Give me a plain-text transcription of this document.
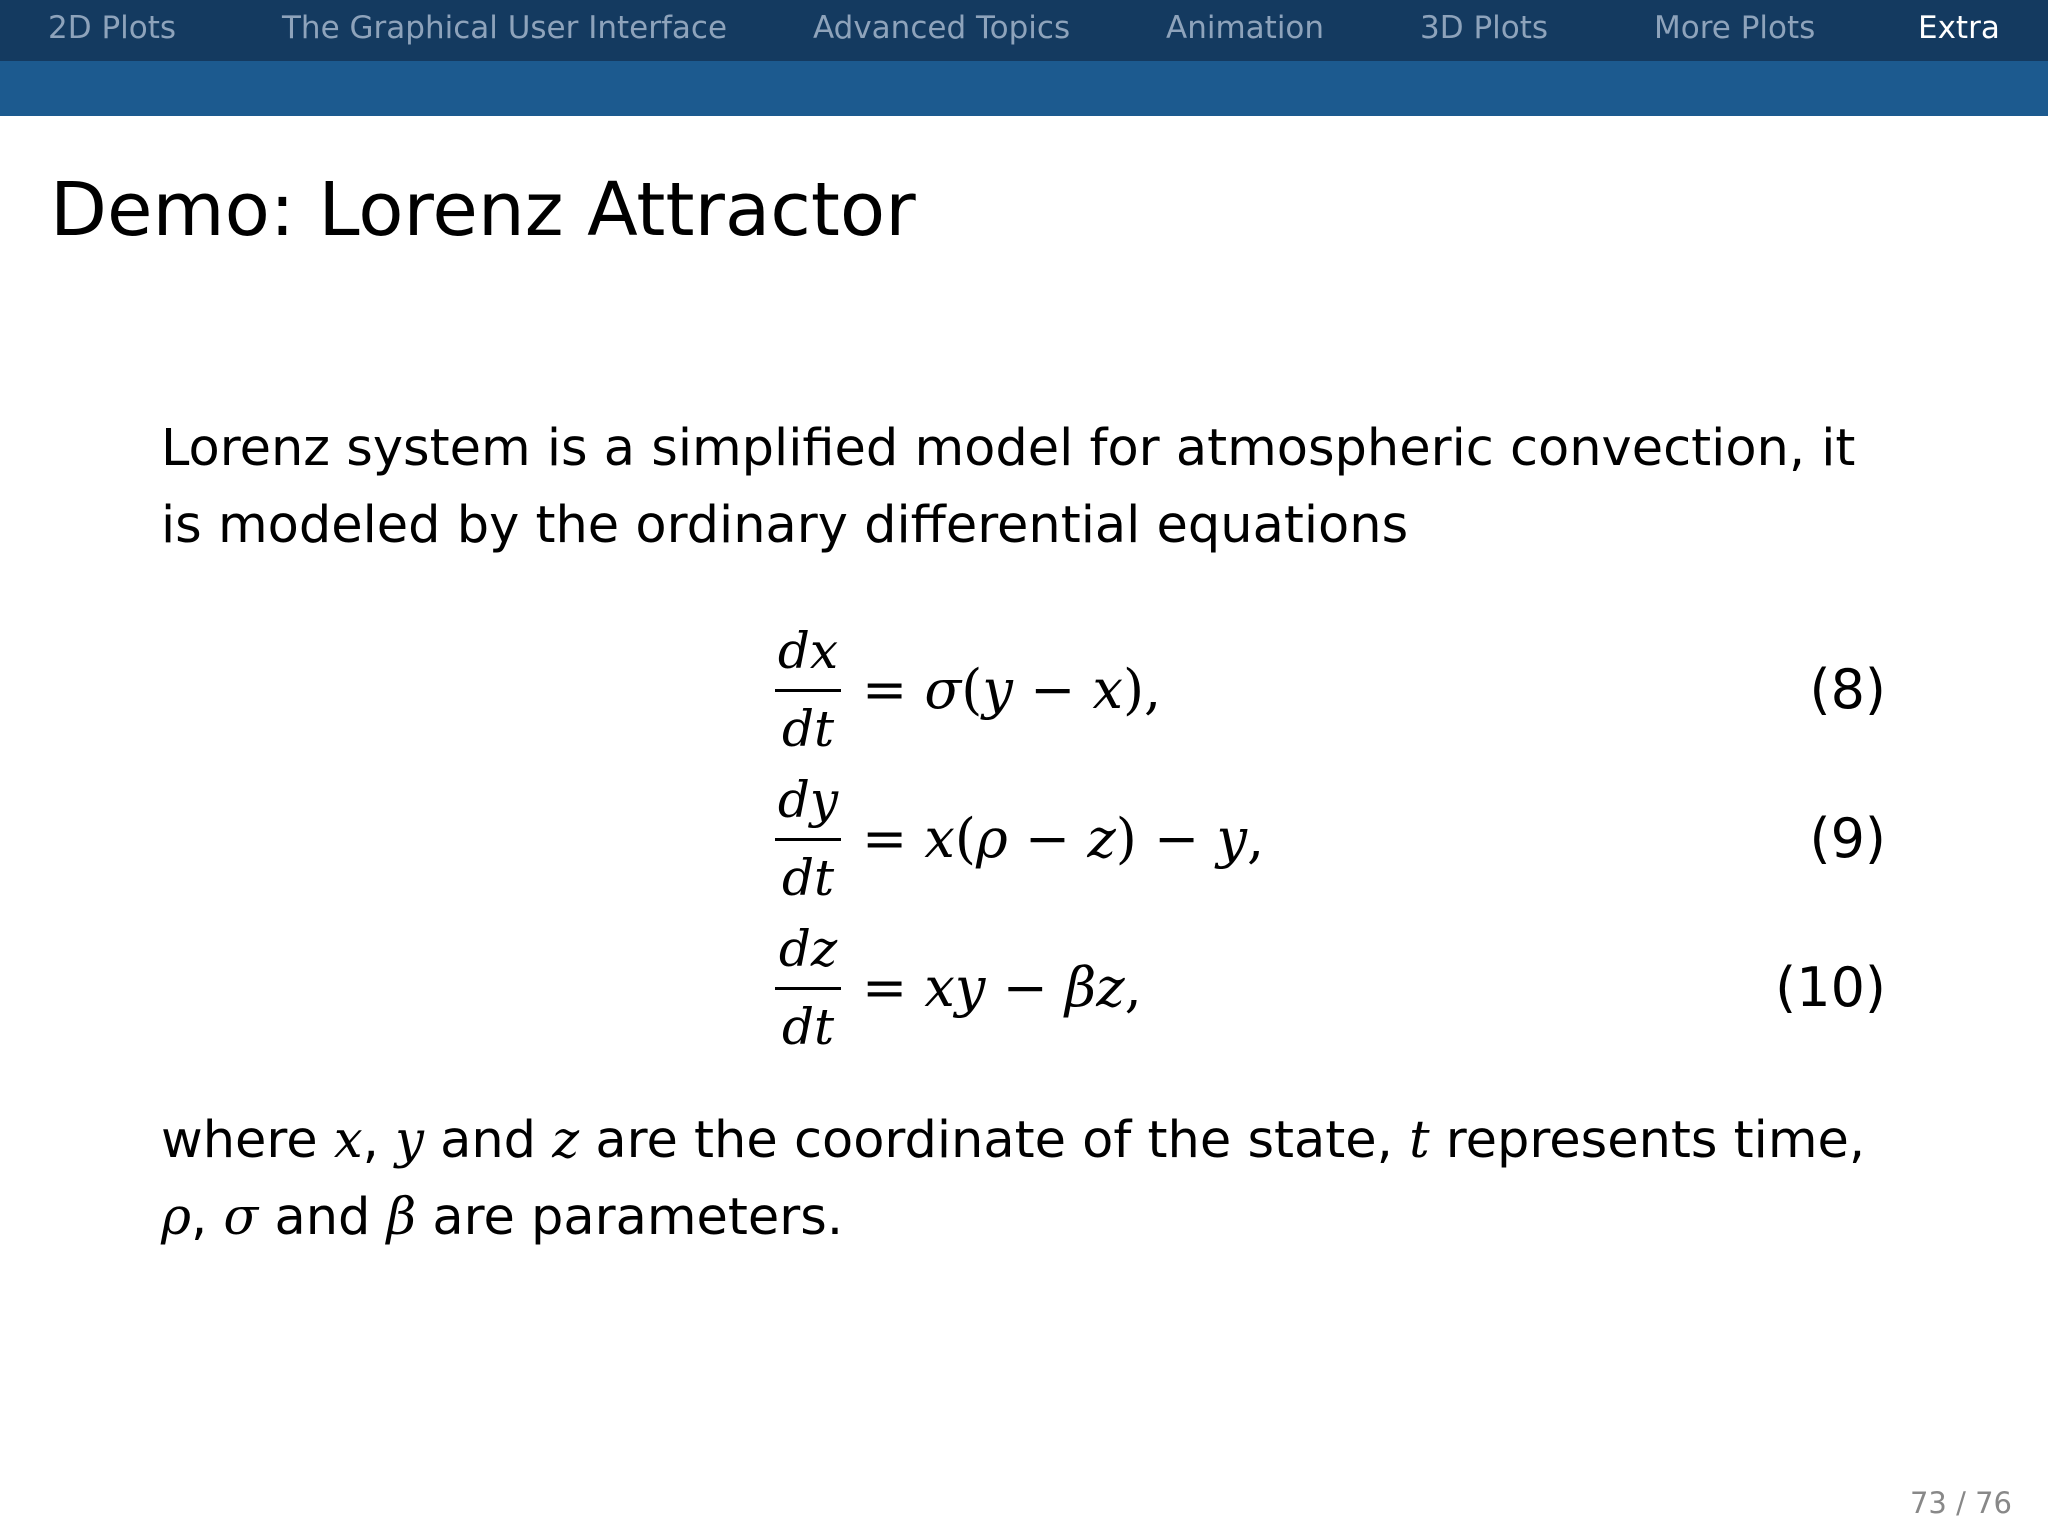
2D Plots	The Graphical User Interface	Advanced Topics	Animation	3D Plots	More Plots	Extra
Demo: Lorenz Attractor
Lorenz system is a simplified model for atmospheric convection, it
is modeled by the ordinary differential equations
dx
dt
= σ(y − x),	(8)
dy
dt
= x(ρ − z) − y,	(9)
dz
dt
= xy − βz,	(10)
where x, y and z are the coordinate of the state, t represents time,
ρ, σ and β are parameters.
73 / 76
